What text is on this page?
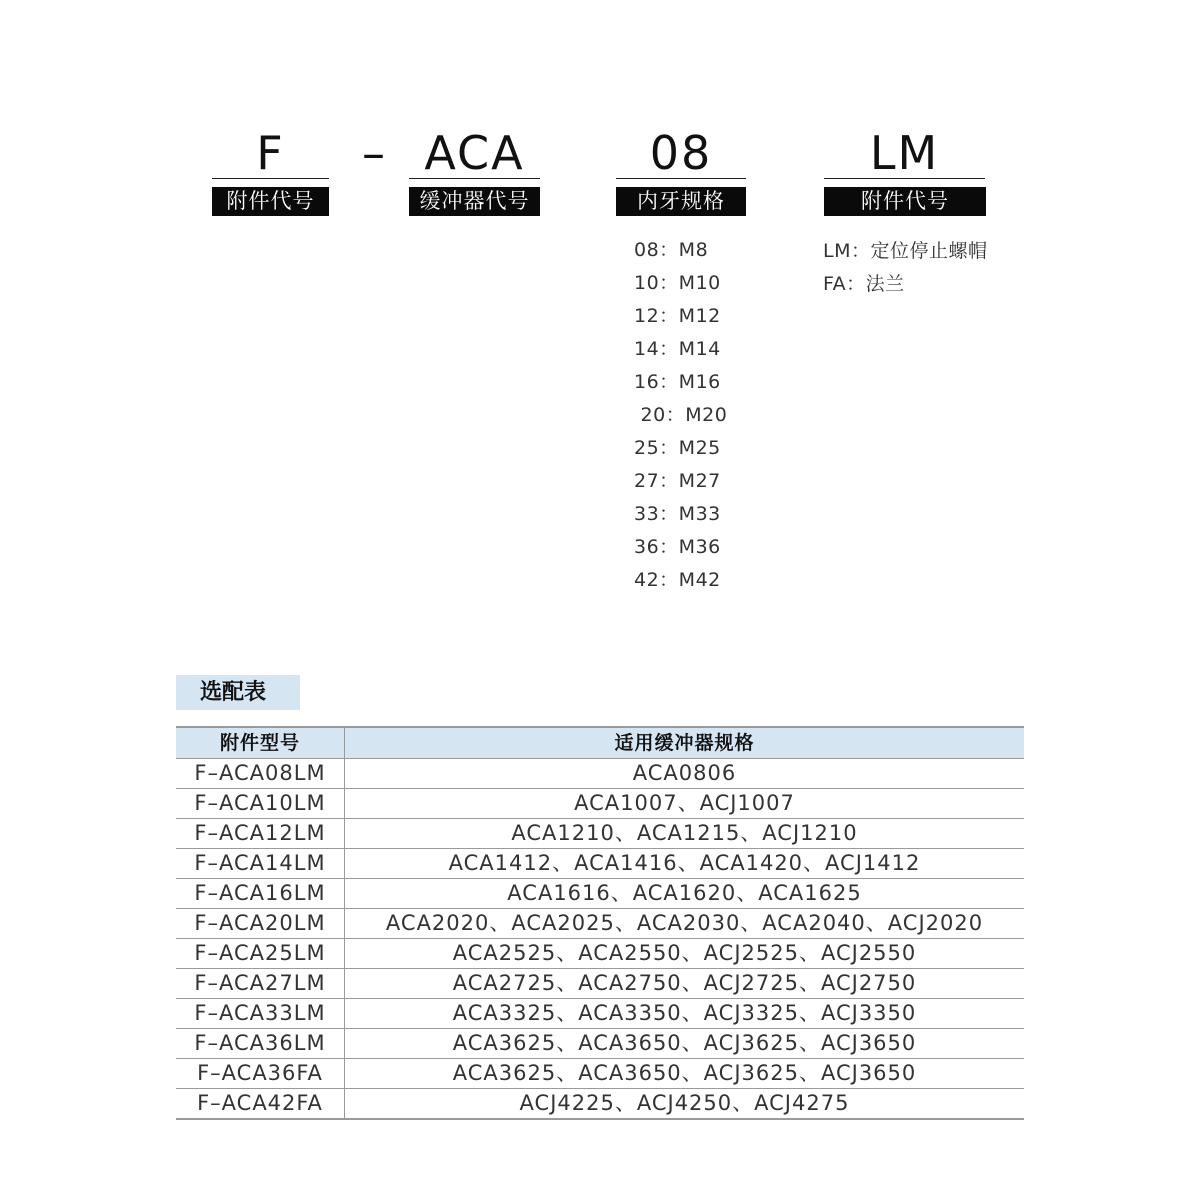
F	– ACA	08	LM
附件代号	缓冲器代号	内牙规格	附件代号
08：M8
10：M10
12：M12
14：M14
16：M16
20：M20
25：M25
27：M27
33：M33
36：M36
42：M42
LM：定位停止螺帽
FA：法兰
选配表
附件型号	适用缓冲器规格
F–ACA08LM	ACA0806
F–ACA10LM	ACA1007、ACJ1007
F–ACA12LM	ACA1210、ACA1215、ACJ1210
F–ACA14LM	ACA1412、ACA1416、ACA1420、ACJ1412
F–ACA16LM	ACA1616、ACA1620、ACA1625
F–ACA20LM	ACA2020、ACA2025、ACA2030、ACA2040、ACJ2020
F–ACA25LM	ACA2525、ACA2550、ACJ2525、ACJ2550
F–ACA27LM	ACA2725、ACA2750、ACJ2725、ACJ2750
F–ACA33LM	ACA3325、ACA3350、ACJ3325、ACJ3350
F–ACA36LM	ACA3625、ACA3650、ACJ3625、ACJ3650
F–ACA36FA	ACA3625、ACA3650、ACJ3625、ACJ3650
F–ACA42FA	ACJ4225、ACJ4250、ACJ4275
